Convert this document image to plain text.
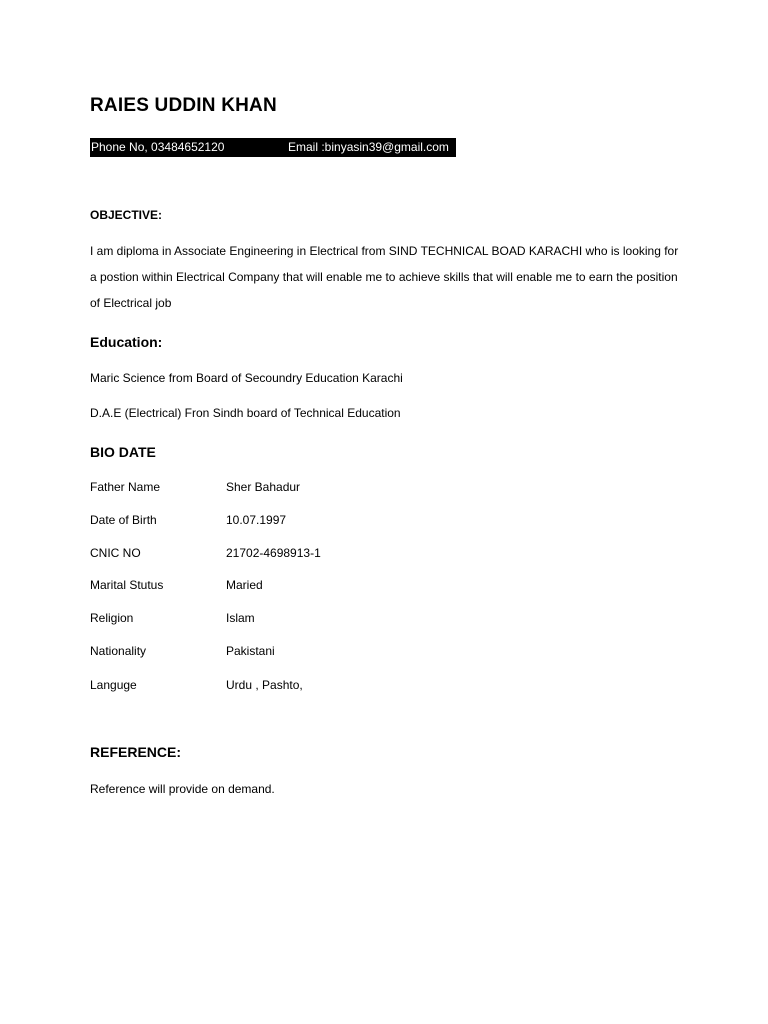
RAIES UDDIN KHAN
Phone No, 03484652120	Email :binyasin39@gmail.com
OBJECTIVE:
I am diploma in Associate Engineering in Electrical from SIND TECHNICAL BOAD KARACHI who is looking for a postion within Electrical Company that will enable me to achieve skills that will enable me to earn the position of Electrical job
Education:
Maric Science from Board of Secoundry Education Karachi
D.A.E (Electrical) Fron Sindh board of Technical Education
BIO DATE
Father Name	Sher Bahadur
Date of Birth	10.07.1997
CNIC NO	21702-4698913-1
Marital Stutus	Maried
Religion	Islam
Nationality	Pakistani
Languge	Urdu , Pashto,
REFERENCE:
Reference will provide on demand.
